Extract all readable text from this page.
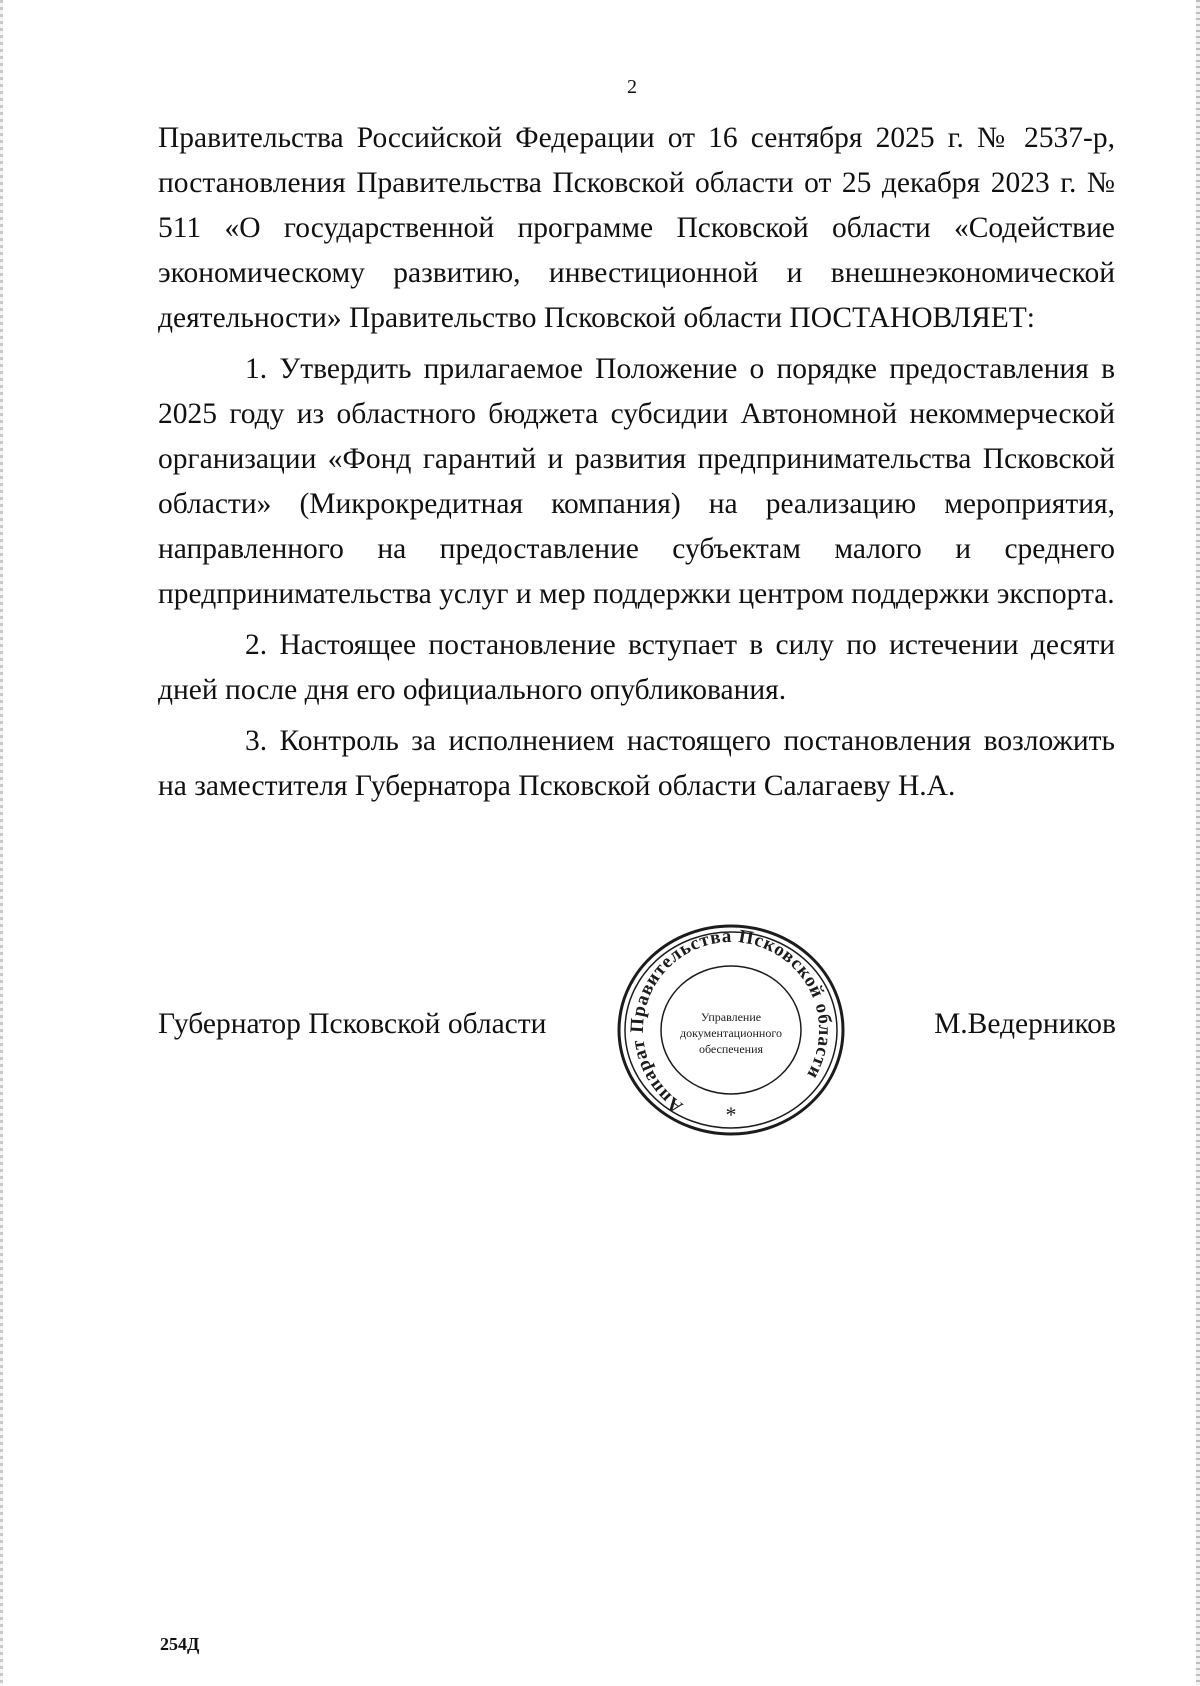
2

Правительства Российской Федерации от 16 сентября 2025 г. № 2537-р, постановления Правительства Псковской области от 25 декабря 2023 г. № 511 «О государственной программе Псковской области «Содействие экономическому развитию, инвестиционной и внешнеэкономической деятельности» Правительство Псковской области ПОСТАНОВЛЯЕТ:

1. Утвердить прилагаемое Положение о порядке предоставления в 2025 году из областного бюджета субсидии Автономной некоммерческой организации «Фонд гарантий и развития предпринимательства Псковской области» (Микрокредитная компания) на реализацию мероприятия, направленного на предоставление субъектам малого и среднего предпринимательства услуг и мер поддержки центром поддержки экспорта.

2. Настоящее постановление вступает в силу по истечении десяти дней после дня его официального опубликования.

3. Контроль за исполнением настоящего постановления возложить на заместителя Губернатора Псковской области Салагаеву Н.А.

Губернатор Псковской области
Аппарат Правительства Псковской области
Управление
документационного
обеспечения
*
М.Ведерников
254Д
